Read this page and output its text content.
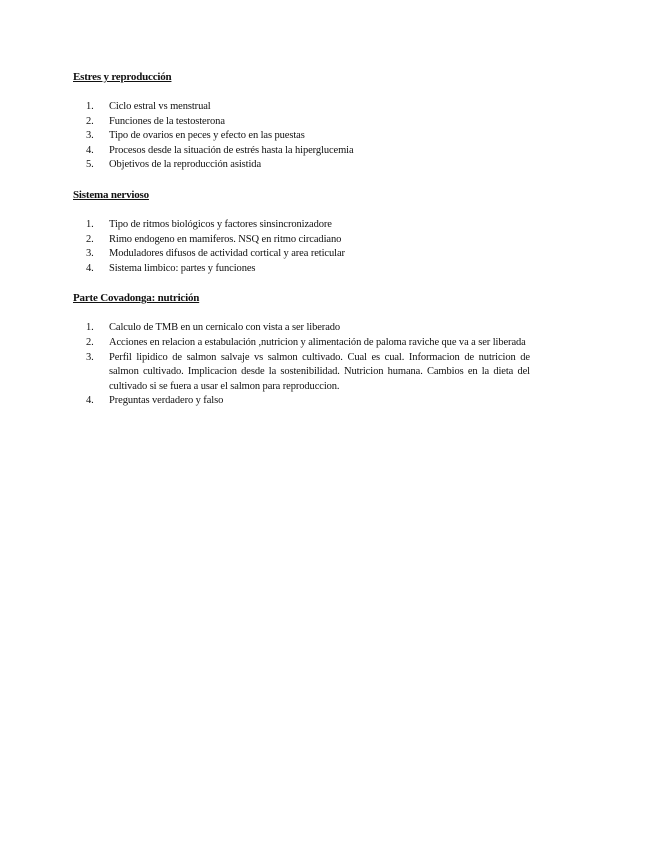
Estres y reproducción
1. Ciclo estral vs menstrual
2. Funciones de la testosterona
3. Tipo de ovarios en peces y efecto en las puestas
4. Procesos desde la situación de estrés hasta la hiperglucemia
5. Objetivos de la reproducción asistida
Sistema nervioso
1. Tipo de ritmos biológicos y factores sinsincronizadore
2. Rimo endogeno en mamiferos. NSQ en ritmo circadiano
3. Moduladores difusos de actividad cortical y area reticular
4. Sistema limbico: partes y funciones
Parte Covadonga: nutrición
1. Calculo de TMB en un cernicalo con vista a ser liberado
2. Acciones en relacion a estabulación ,nutricion y alimentación de paloma raviche que va a ser liberada
3. Perfil lipidico de salmon salvaje vs salmon cultivado. Cual es cual. Informacion de nutricion de salmon cultivado. Implicacion desde la sostenibilidad. Nutricion humana. Cambios en la dieta del cultivado si se fuera a usar el salmon para reproduccion.
4. Preguntas verdadero y falso
